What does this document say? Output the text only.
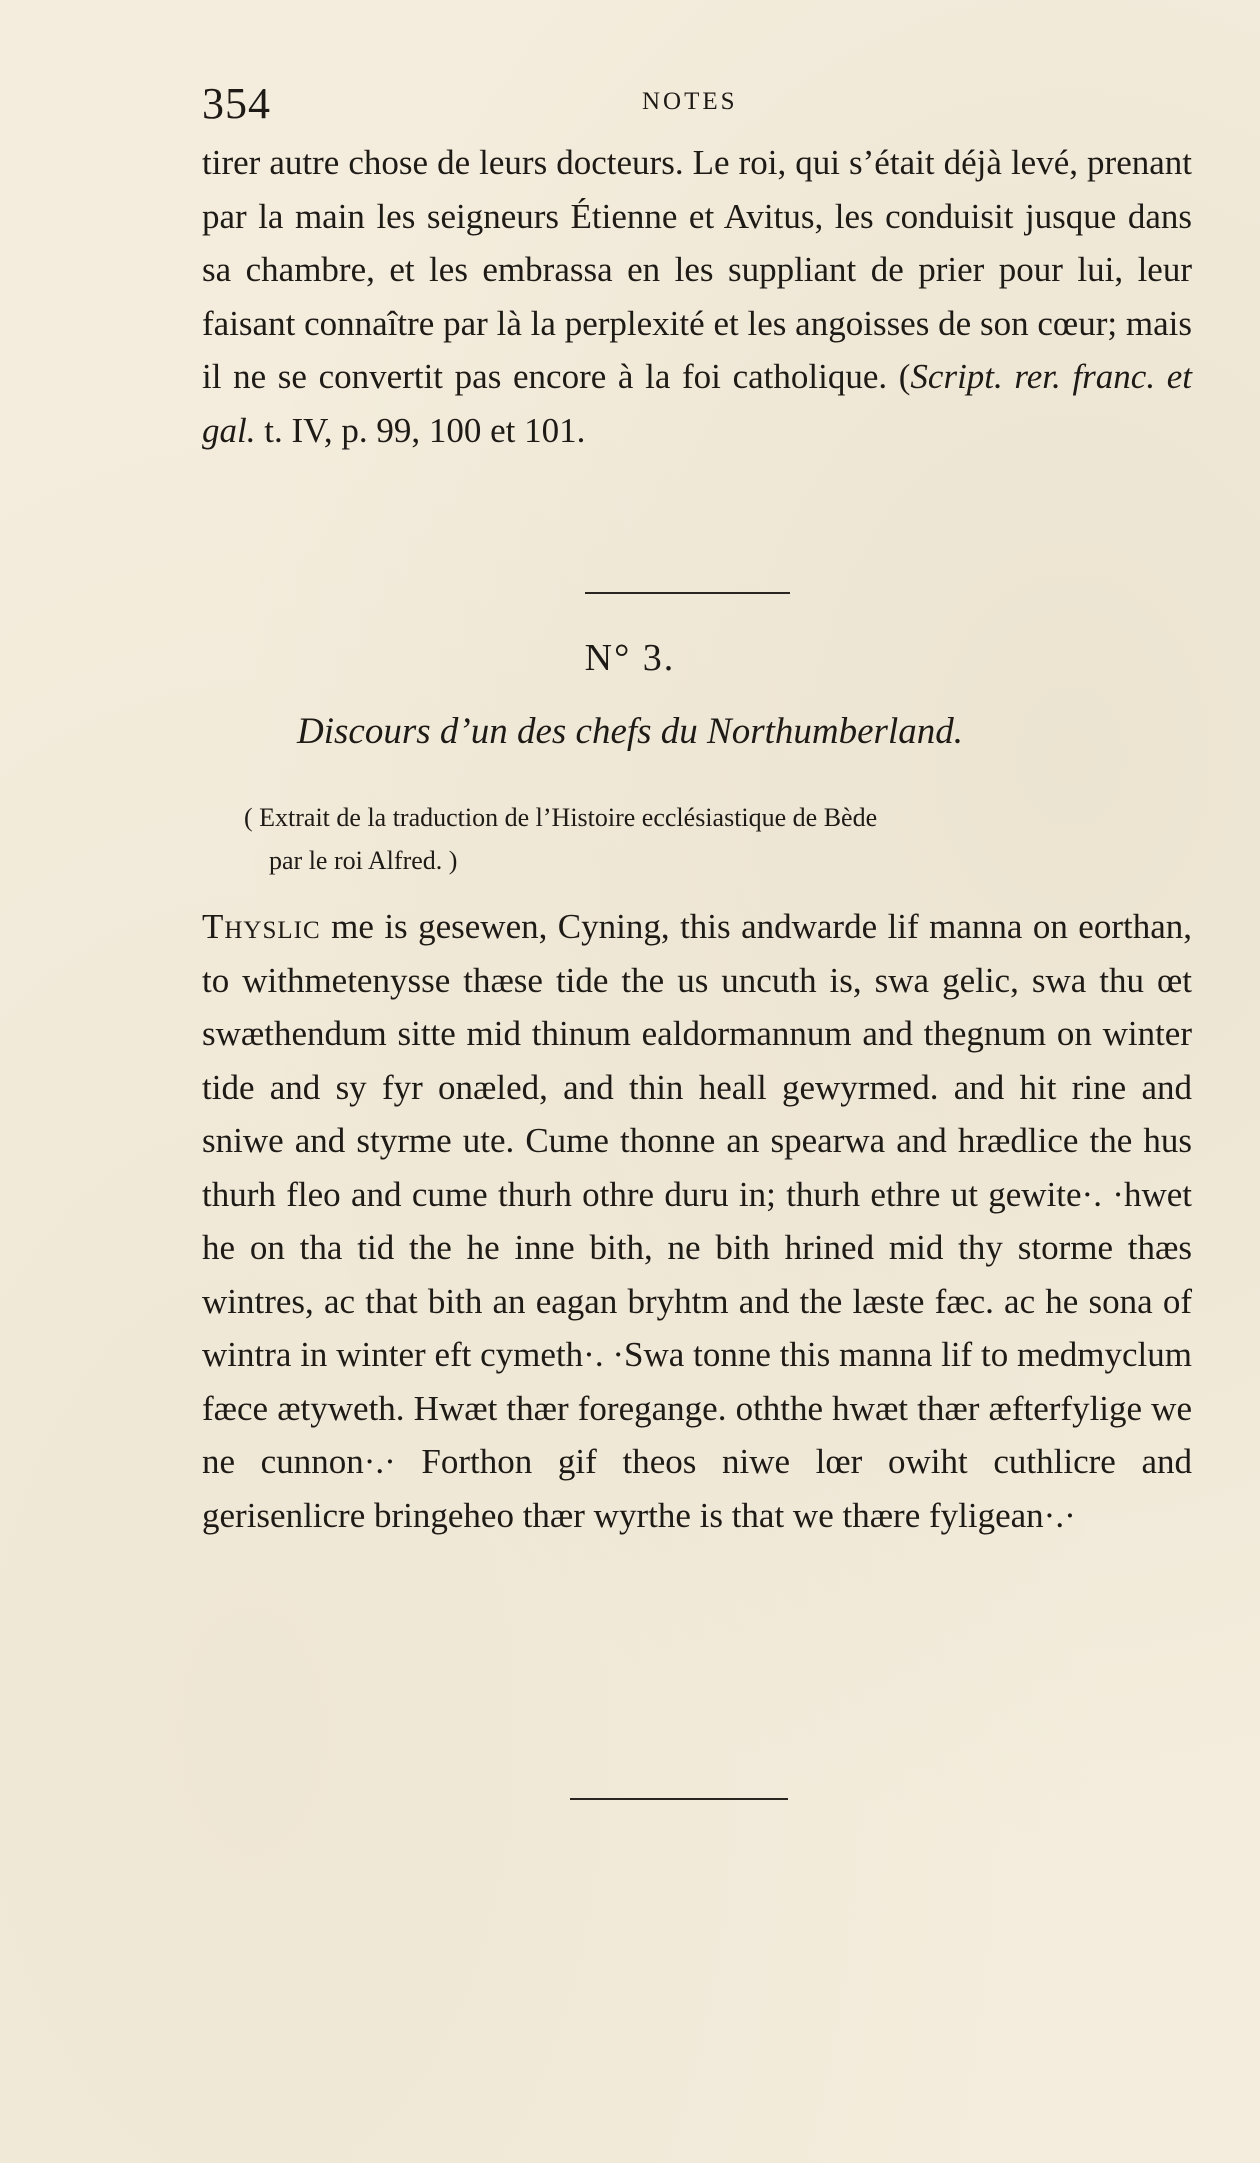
354	NOTES

tirer autre chose de leurs docteurs. Le roi, qui s’était déjà levé, prenant par la main les seigneurs Étienne et Avitus, les conduisit jusque dans sa chambre, et les embrassa en les suppliant de prier pour lui, leur faisant connaître par là la perplexité et les angoisses de son cœur; mais il ne se convertit pas encore à la foi catholique. (Script. rer. franc. et gal. t. IV, p. 99, 100 et 101.

N° 3.
Discours d’un des chefs du Northumberland.

( Extrait de la traduction de l’Histoire ecclésiastique de Bède
par le roi Alfred. )

Thyslic me is gesewen, Cyning, this andwarde lif manna on eorthan, to withmetenysse thæse tide the us uncuth is, swa gelic, swa thu œt swæthendum sitte mid thinum ealdormannum and thegnum on winter tide and sy fyr onæled, and thin heall gewyrmed. and hit rine and sniwe and styrme ute. Cume thonne an spearwa and hrædlice the hus thurh fleo and cume thurh othre duru in; thurh ethre ut gewite·. ·hwet he on tha tid the he inne bith, ne bith hrined mid thy storme thæs wintres, ac that bith an eagan bryhtm and the læste fæc. ac he sona of wintra in winter eft cymeth·. ·Swa tonne this manna lif to medmyclum fæce ætyweth. Hwæt thær foregange. oththe hwæt thær æfterfylige we ne cunnon·.· Forthon gif theos niwe lœr owiht cuthlicre and gerisenlicre bringeheo thær wyrthe is that we thære fyligean·.·
